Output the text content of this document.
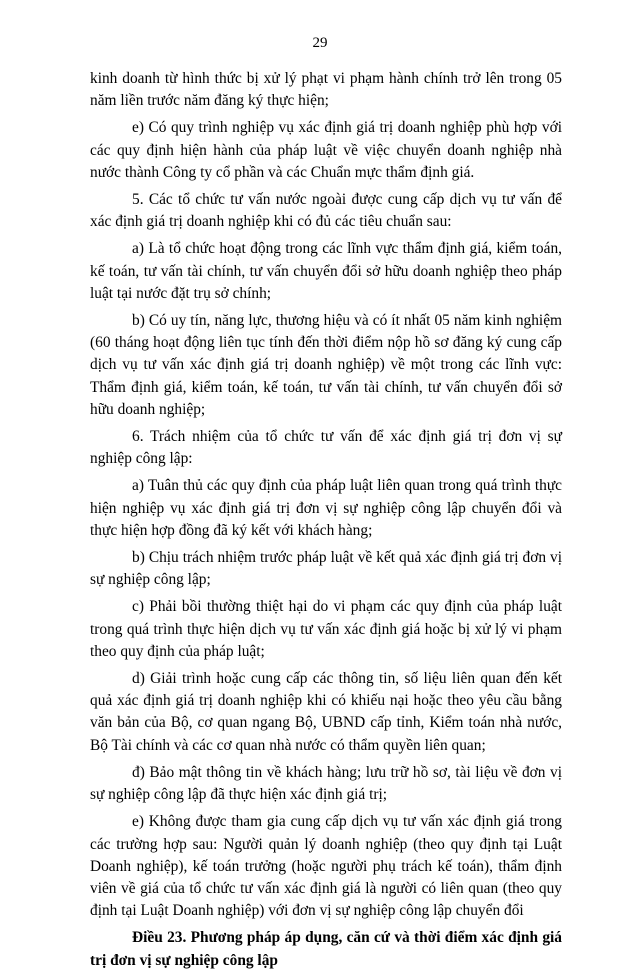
29

kinh doanh từ hình thức bị xử lý phạt vi phạm hành chính trở lên trong 05 năm liền trước năm đăng ký thực hiện;

e) Có quy trình nghiệp vụ xác định giá trị doanh nghiệp phù hợp với các quy định hiện hành của pháp luật về việc chuyển doanh nghiệp nhà nước thành Công ty cổ phần và các Chuẩn mực thẩm định giá.

5. Các tổ chức tư vấn nước ngoài được cung cấp dịch vụ tư vấn để xác định giá trị doanh nghiệp khi có đủ các tiêu chuẩn sau:

a) Là tổ chức hoạt động trong các lĩnh vực thẩm định giá, kiểm toán, kế toán, tư vấn tài chính, tư vấn chuyển đổi sở hữu doanh nghiệp theo pháp luật tại nước đặt trụ sở chính;

b) Có uy tín, năng lực, thương hiệu và có ít nhất 05 năm kinh nghiệm (60 tháng hoạt động liên tục tính đến thời điểm nộp hồ sơ đăng ký cung cấp dịch vụ tư vấn xác định giá trị doanh nghiệp) về một trong các lĩnh vực: Thẩm định giá, kiểm toán, kế toán, tư vấn tài chính, tư vấn chuyển đổi sở hữu doanh nghiệp;

6. Trách nhiệm của tổ chức tư vấn để xác định giá trị đơn vị sự nghiệp công lập:

a) Tuân thủ các quy định của pháp luật liên quan trong quá trình thực hiện nghiệp vụ xác định giá trị đơn vị sự nghiệp công lập chuyển đổi và thực hiện hợp đồng đã ký kết với khách hàng;

b) Chịu trách nhiệm trước pháp luật về kết quả xác định giá trị đơn vị sự nghiệp công lập;

c) Phải bồi thường thiệt hại do vi phạm các quy định của pháp luật trong quá trình thực hiện dịch vụ tư vấn xác định giá hoặc bị xử lý vi phạm theo quy định của pháp luật;

d) Giải trình hoặc cung cấp các thông tin, số liệu liên quan đến kết quả xác định giá trị doanh nghiệp khi có khiếu nại hoặc theo yêu cầu bằng văn bản của Bộ, cơ quan ngang Bộ, UBND cấp tỉnh, Kiểm toán nhà nước, Bộ Tài chính và các cơ quan nhà nước có thẩm quyền liên quan;

đ) Bảo mật thông tin về khách hàng; lưu trữ hồ sơ, tài liệu về đơn vị sự nghiệp công lập đã thực hiện xác định giá trị;

e) Không được tham gia cung cấp dịch vụ tư vấn xác định giá trong các trường hợp sau: Người quản lý doanh nghiệp (theo quy định tại Luật Doanh nghiệp), kế toán trưởng (hoặc người phụ trách kế toán), thẩm định viên về giá của tổ chức tư vấn xác định giá là người có liên quan (theo quy định tại Luật Doanh nghiệp) với đơn vị sự nghiệp công lập chuyển đổi

Điều 23. Phương pháp áp dụng, căn cứ và thời điểm xác định giá trị đơn vị sự nghiệp công lập
